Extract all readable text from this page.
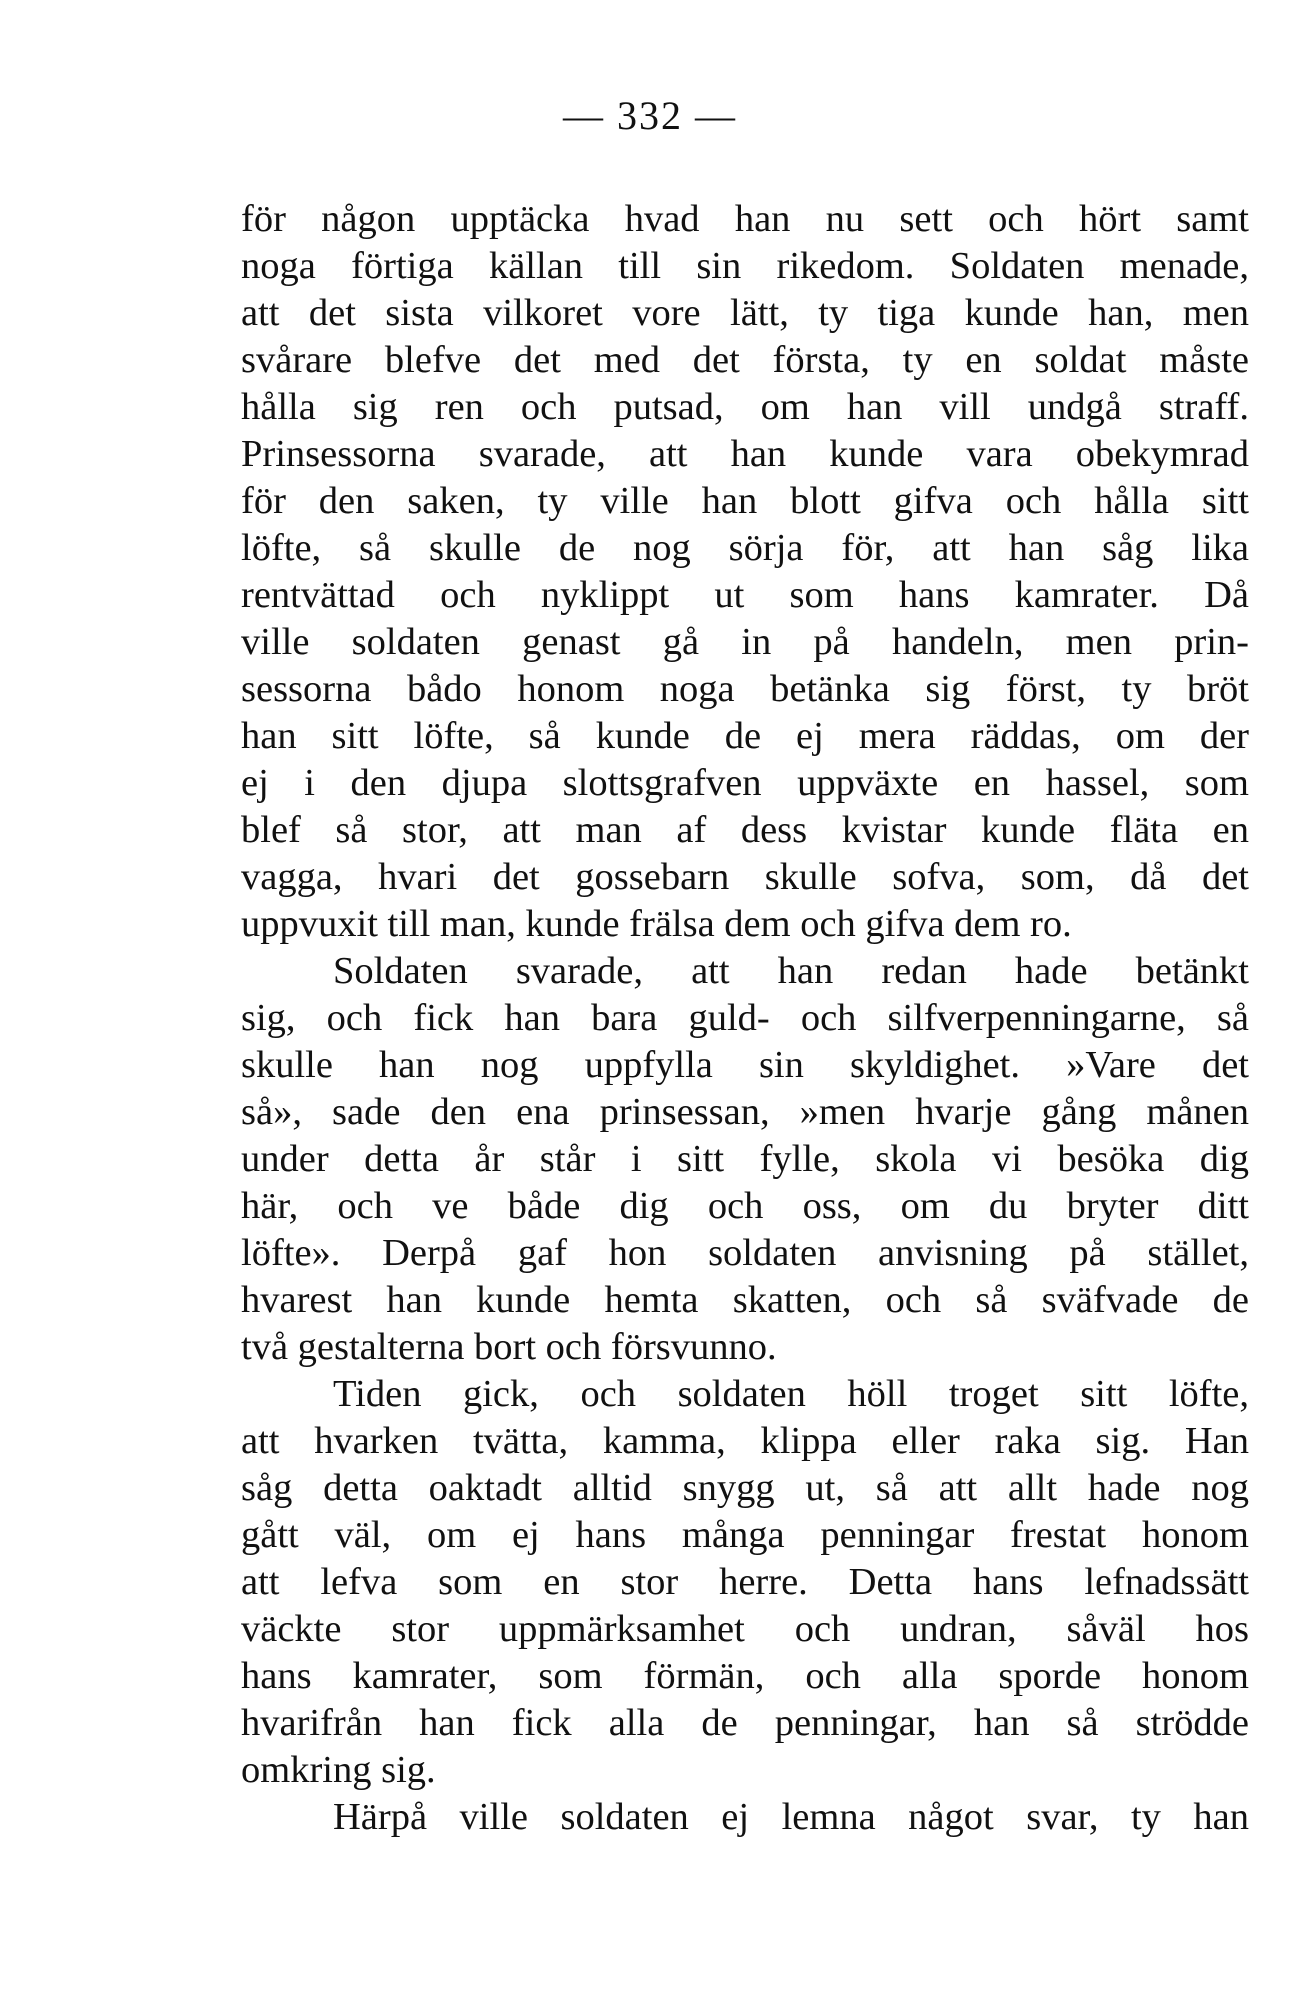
— 332 —

för någon upptäcka hvad han nu sett och hört samt

noga förtiga källan till sin rikedom. Soldaten menade,

att det sista vilkoret vore lätt, ty tiga kunde han, men

svårare blefve det med det första, ty en soldat måste

hålla sig ren och putsad, om han vill undgå straff.

Prinsessorna svarade, att han kunde vara obekymrad

för den saken, ty ville han blott gifva och hålla sitt

löfte, så skulle de nog sörja för, att han såg lika

rentvättad och nyklippt ut som hans kamrater. Då

ville soldaten genast gå in på handeln, men prin-

sessorna bådo honom noga betänka sig först, ty bröt

han sitt löfte, så kunde de ej mera räddas, om der

ej i den djupa slottsgrafven uppväxte en hassel, som

blef så stor, att man af dess kvistar kunde fläta en

vagga, hvari det gossebarn skulle sofva, som, då det

uppvuxit till man, kunde frälsa dem och gifva dem ro.

Soldaten svarade, att han redan hade betänkt

sig, och fick han bara guld- och silfverpenningarne, så

skulle han nog uppfylla sin skyldighet. »Vare det

så», sade den ena prinsessan, »men hvarje gång månen

under detta år står i sitt fylle, skola vi besöka dig

här, och ve både dig och oss, om du bryter ditt

löfte». Derpå gaf hon soldaten anvisning på stället,

hvarest han kunde hemta skatten, och så sväfvade de

två gestalterna bort och försvunno.

Tiden gick, och soldaten höll troget sitt löfte,

att hvarken tvätta, kamma, klippa eller raka sig. Han

såg detta oaktadt alltid snygg ut, så att allt hade nog

gått väl, om ej hans många penningar frestat honom

att lefva som en stor herre. Detta hans lefnadssätt

väckte stor uppmärksamhet och undran, såväl hos

hans kamrater, som förmän, och alla sporde honom

hvarifrån han fick alla de penningar, han så strödde

omkring sig.

Härpå ville soldaten ej lemna något svar, ty han
